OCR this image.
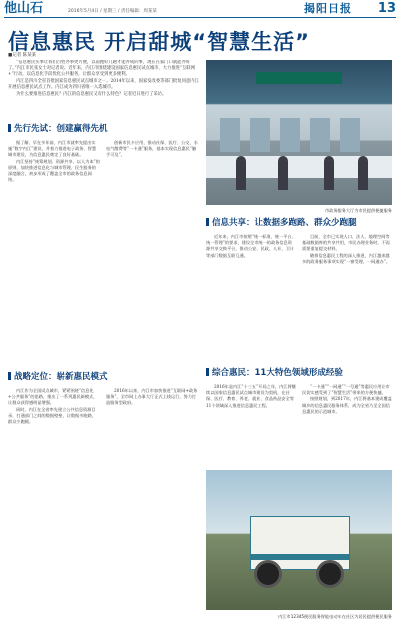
他山石	2016年5月4日 / 星期三 / 责任编辑：周某某	揭阳日报 13
信息惠民 开启甜城“智慧生活”
■记者 陈某某

“信息惠民实事让我们百姓办事更方便，以前跑好几趟才能办成的事，现在在家门口就能办好了。”内江市民张女士对记者说。近年来，内江市围绕建设国家信息惠民试点城市，大力推进“互联网+”行动，以信息化手段优化公共服务，让群众享受到更多便利。

内江是四川全省首批国家信息惠民试点城市之一。2014年以来，国家发改委等部门批复同意内江开展信息惠民试点工作。内江成为四川省唯一入选城市。

为什么要推进信息惠民？内江的信息惠民又有什么特色？记者近日进行了采访。

先行先试：创建赢得先机

据了解，早在多年前，内江市就率先提出实施“数字内江”建设，并着力推进电子政务、智慧城市建设，为信息惠民奠定了良好基础。

内江坚持“统筹规划、资源共享、以人为本”的原则，加快推进信息化与城市管理、民生服务的深度融合，初步形成了覆盖全市的政务信息网络。

创新市民卡应用，推动社保、医疗、公交、水电气缴费等“一卡通”服务，基本实现信息惠民“触手可及”。

战略定位：崭新惠民模式

内江作为全国试点城市，紧紧围绕“信息化+公共服务”的思路，推出了一系列惠民新模式，让群众获得感明显增强。

同时，内江在全省率先建立公共信息资源目录，打通部门之间的数据壁垒，让数据多跑路，群众少跑腿。

2016年以来，内江市加快推进“互联网+政务服务”，全市网上办事大厅正式上线运行，努力打造服务型政府。

市政务服务大厅为市民提供便捷服务
信息共享：让数据多跑路、群众少跑腿

近年来，内江市按照“统一标准、统一平台、统一管理”的要求，建设全市统一的政务信息资源共享交换平台，推动公安、民政、人社、卫计等部门数据互联互通。

目前，全市已实现人口、法人、地理空间等基础数据库的共享共用，市民办理业务时，不再需要重复提交材料。

随着信息惠民工程的深入推进，内江越来越多的政务服务事项实现“一窗受理、一网通办”。

综合惠民：11大特色领域形成经验

2016年是内江“十三五”开局之年，内江将继续以国家信息惠民试点城市建设为契机，在社保、医疗、教育、养老、就业、食品药品安全等11个领域深入推进信息惠民工程。

“一卡通”“一网通”“一号通”等惠民应用让市民切实感受到了“智慧生活”带来的方便快捷。

按照规划，到2017年，内江将基本建成覆盖城乡的信息惠民服务体系，成为全省乃至全国信息惠民的示范城市。

内江市12345便民服务智能电动车在社区为居民提供便民服务
